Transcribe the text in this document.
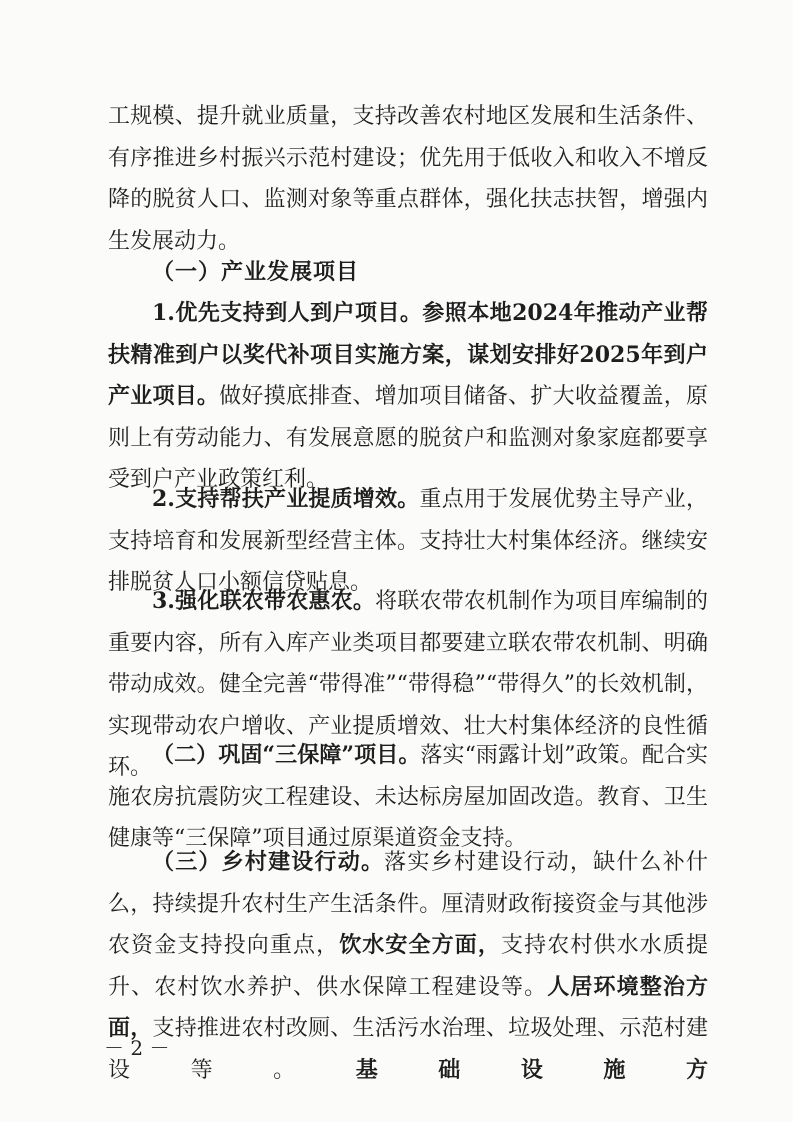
工规模、提升就业质量，支持改善农村地区发展和生活条件、有序推进乡村振兴示范村建设；优先用于低收入和收入不增反降的脱贫人口、监测对象等重点群体，强化扶志扶智，增强内生发展动力。

（一）产业发展项目

1.优先支持到人到户项目。参照本地2024年推动产业帮扶精准到户以奖代补项目实施方案，谋划安排好2025年到户产业项目。做好摸底排查、增加项目储备、扩大收益覆盖，原则上有劳动能力、有发展意愿的脱贫户和监测对象家庭都要享受到户产业政策红利。

2.支持帮扶产业提质增效。重点用于发展优势主导产业，支持培育和发展新型经营主体。支持壮大村集体经济。继续安排脱贫人口小额信贷贴息。

3.强化联农带农惠农。将联农带农机制作为项目库编制的重要内容，所有入库产业类项目都要建立联农带农机制、明确带动成效。健全完善“带得准”“带得稳”“带得久”的长效机制，实现带动农户增收、产业提质增效、壮大村集体经济的良性循环。 （二）巩固“三保障”项目。落实“雨露计划”政策。配合实施农房抗震防灾工程建设、未达标房屋加固改造。教育、卫生健康等“三保障”项目通过原渠道资金支持。

（三）乡村建设行动。落实乡村建设行动，缺什么补什么，持续提升农村生产生活条件。厘清财政衔接资金与其他涉农资金支持投向重点，饮水安全方面，支持农村供水水质提升、农村饮水养护、供水保障工程建设等。人居环境整治方面，支持推进农村改厕、生活污水治理、垃圾处理、示范村建设等。基础设施方

－ 2 －
